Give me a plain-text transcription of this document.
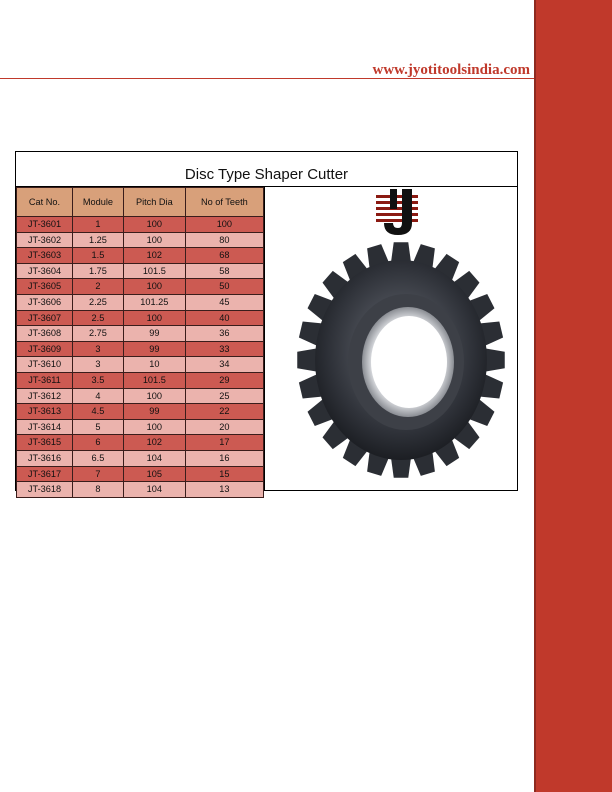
www.jyotitoolsindia.com
Disc Type Shaper Cutter
Cat No.	Module	Pitch Dia	No of Teeth
JT-3601	1	100	100
JT-3602	1.25	100	80
JT-3603	1.5	102	68
JT-3604	1.75	101.5	58
JT-3605	2	100	50
JT-3606	2.25	101.25	45
JT-3607	2.5	100	40
JT-3608	2.75	99	36
JT-3609	3	99	33
JT-3610	3	10	34
JT-3611	3.5	101.5	29
JT-3612	4	100	25
JT-3613	4.5	99	22
JT-3614	5	100	20
JT-3615	6	102	17
JT-3616	6.5	104	16
JT-3617	7	105	15
JT-3618	8	104	13
